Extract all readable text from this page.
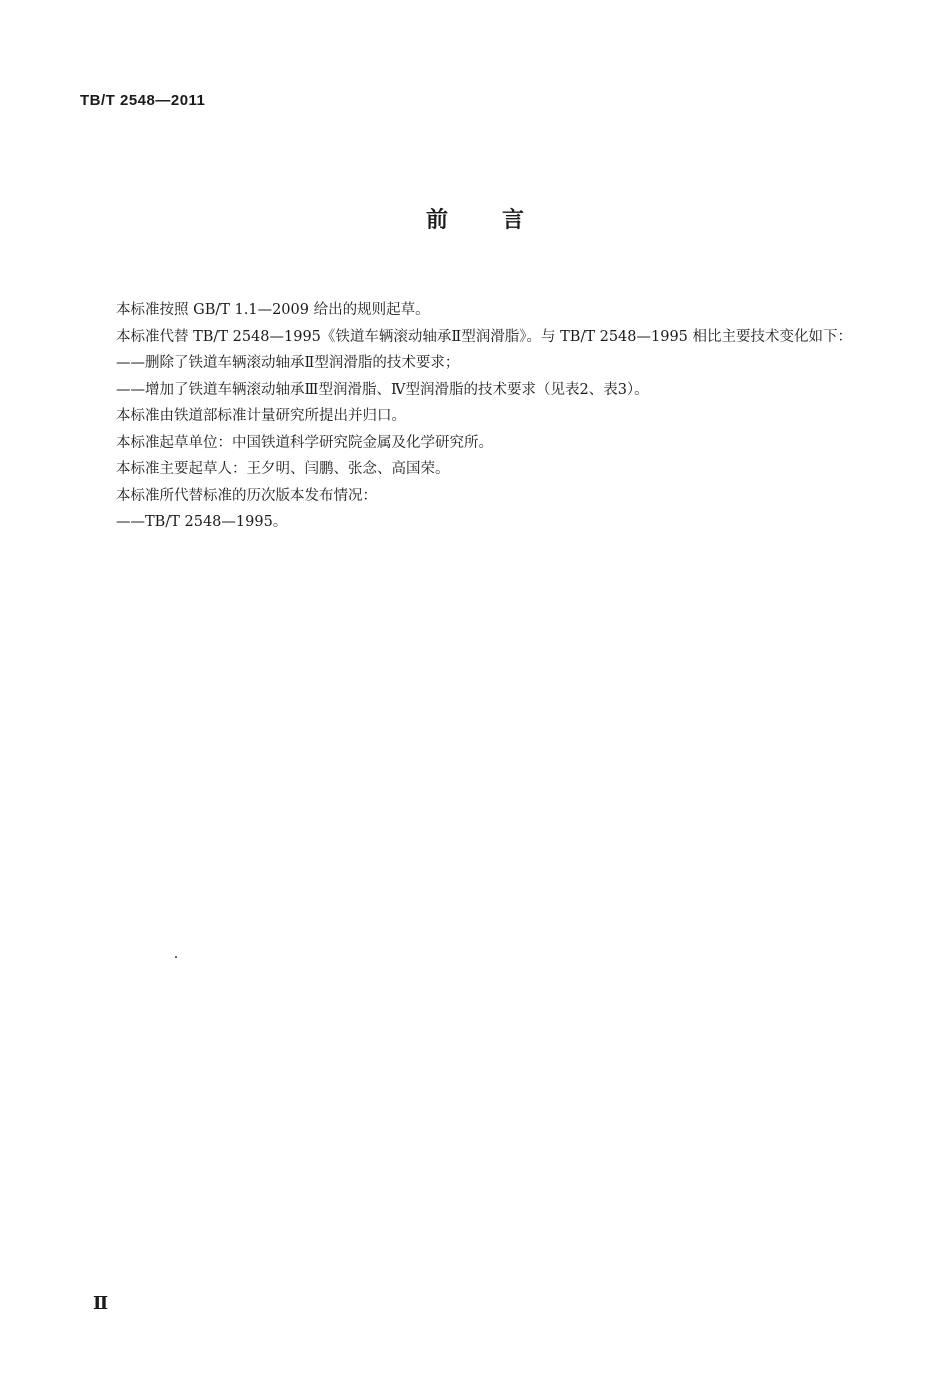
TB/T 2548—2011
前言

本标准按照 GB/T 1.1—2009 给出的规则起草。

本标准代替 TB/T 2548—1995《铁道车辆滚动轴承Ⅱ型润滑脂》。与 TB/T 2548—1995 相比主要技术变化如下：

——删除了铁道车辆滚动轴承Ⅱ型润滑脂的技术要求；

——增加了铁道车辆滚动轴承Ⅲ型润滑脂、Ⅳ型润滑脂的技术要求（见表2、表3）。

本标准由铁道部标准计量研究所提出并归口。

本标准起草单位：中国铁道科学研究院金属及化学研究所。

本标准主要起草人：王夕明、闫鹏、张念、高国荣。

本标准所代替标准的历次版本发布情况：

——TB/T 2548—1995。

Ⅱ
